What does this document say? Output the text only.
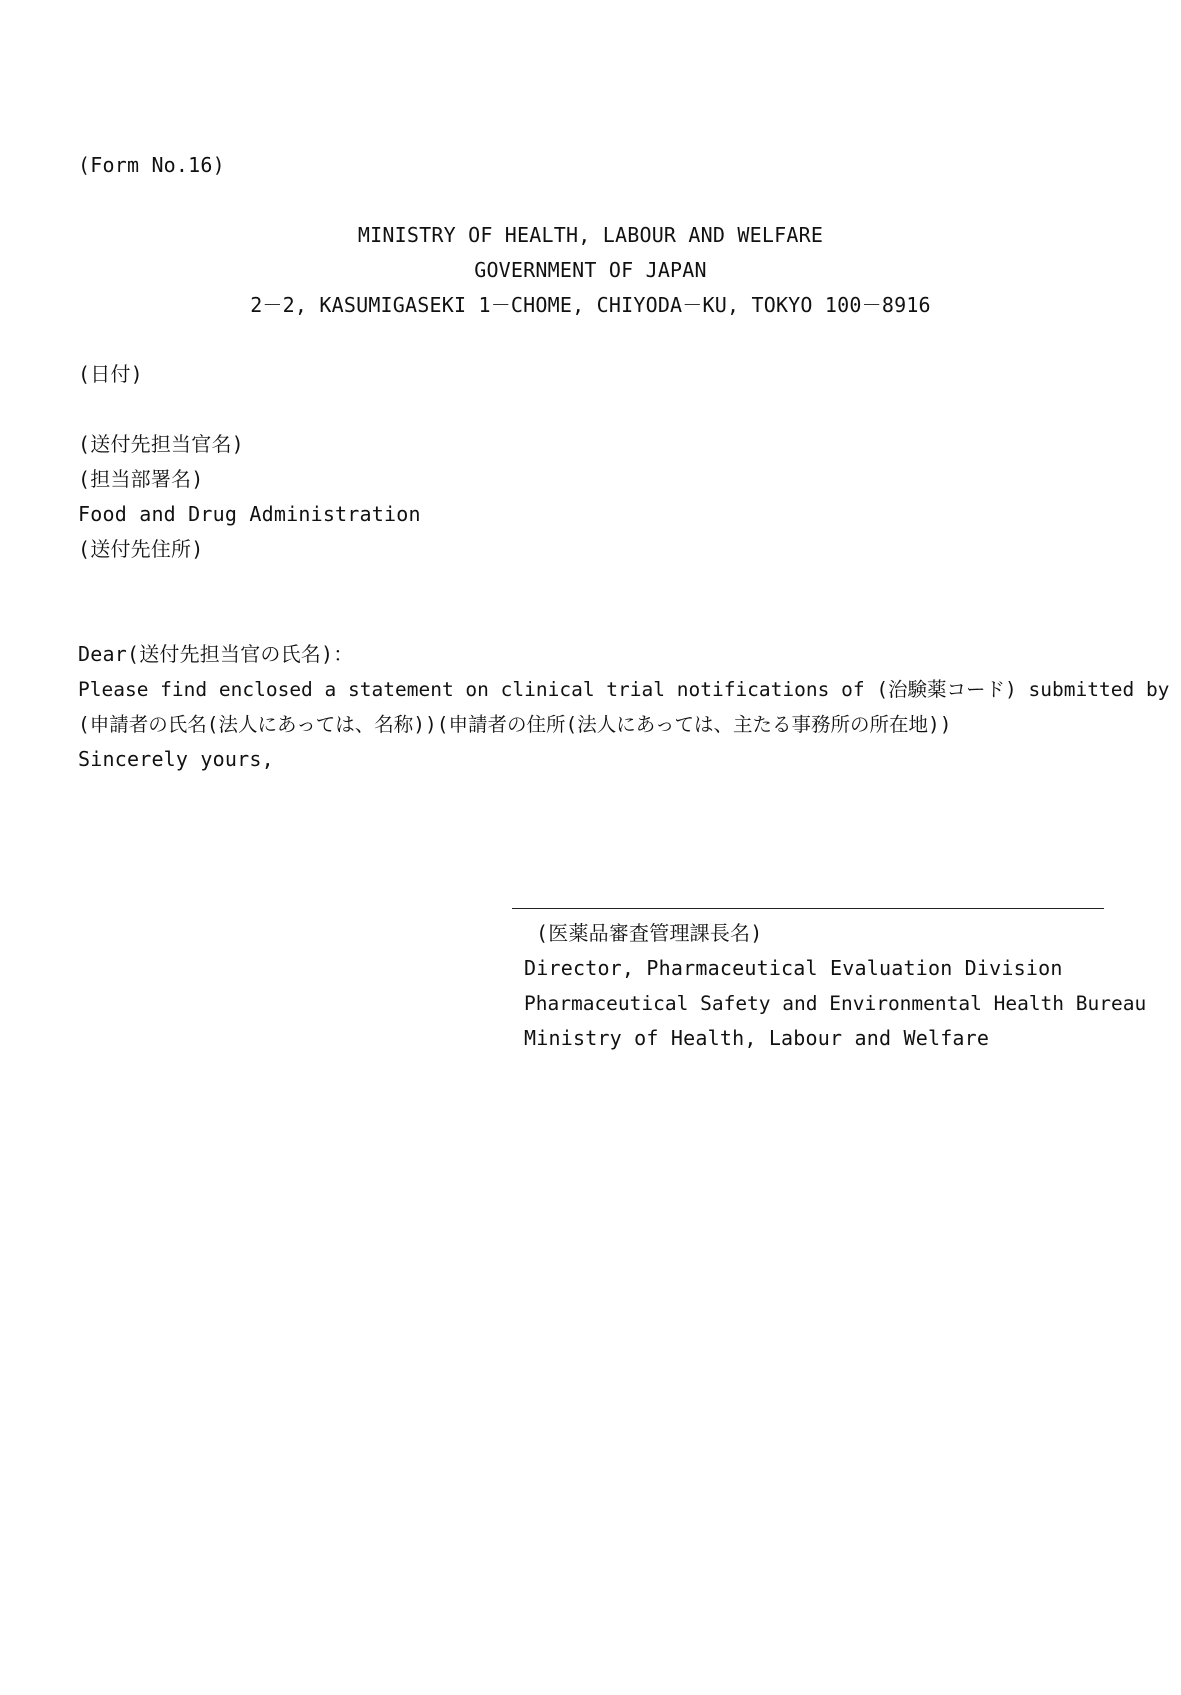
(Form No.16)
MINISTRY OF HEALTH, LABOUR AND WELFARE
GOVERNMENT OF JAPAN
2－2, KASUMIGASEKI 1－CHOME, CHIYODA－KU, TOKYO 100－8916
(日付)
(送付先担当官名)
(担当部署名)
Food and Drug Administration
(送付先住所)
Dear(送付先担当官の氏名)：
Please find enclosed a statement on clinical trial notifications of (治験薬コード) submitted by
(申請者の氏名(法人にあっては、名称))(申請者の住所(法人にあっては、主たる事務所の所在地))
Sincerely yours,
(医薬品審査管理課長名)
Director, Pharmaceutical Evaluation Division
Pharmaceutical Safety and Environmental Health Bureau
Ministry of Health, Labour and Welfare
